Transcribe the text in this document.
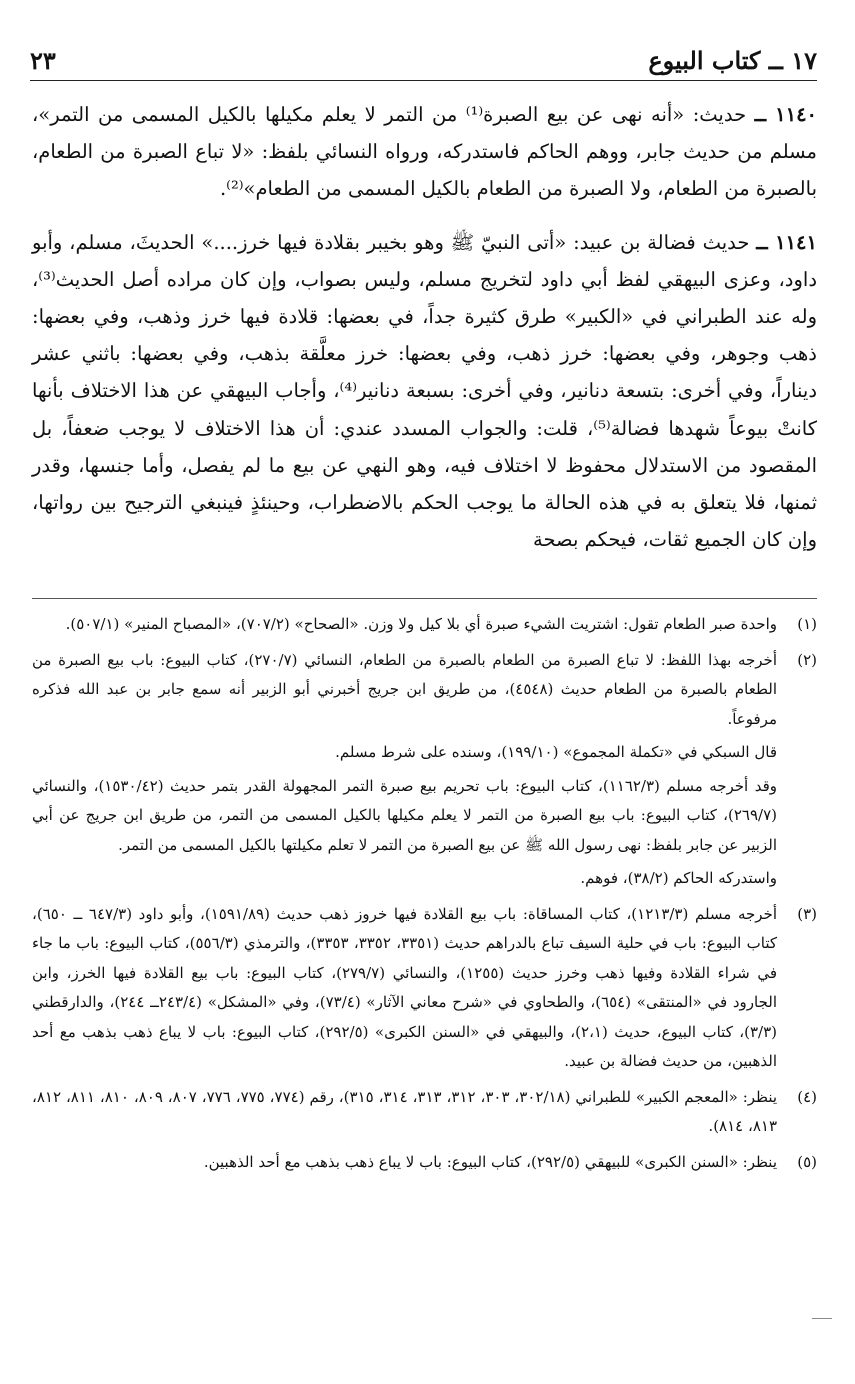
١٧ ــ كتاب البيوع
٢٣

١١٤٠ ــ حديث: «أنه نهى عن بيع الصبرة⁽¹⁾ من التمر لا يعلم مكيلها بالكيل المسمى من التمر»، مسلم من حديث جابر، ووهم الحاكم فاستدركه، ورواه النسائي بلفظ: «لا تباع الصبرة من الطعام، بالصبرة من الطعام، ولا الصبرة من الطعام بالكيل المسمى من الطعام»⁽²⁾.

١١٤١ ــ حديث فضالة بن عبيد: «أتى النبيّ ﷺ وهو بخيبر بقلادة فيها خرز....» الحديثَ، مسلم، وأبو داود، وعزى البيهقي لفظ أبي داود لتخريج مسلم، وليس بصواب، وإن كان مراده أصل الحديث⁽³⁾، وله عند الطبراني في «الكبير» طرق كثيرة جداً، في بعضها: قلادة فيها خرز وذهب، وفي بعضها: ذهب وجوهر، وفي بعضها: خرز ذهب، وفي بعضها: خرز معلَّقة بذهب، وفي بعضها: باثني عشر ديناراً، وفي أخرى: بتسعة دنانير، وفي أخرى: بسبعة دنانير⁽⁴⁾، وأجاب البيهقي عن هذا الاختلاف بأنها كانتْ بيوعاً شهدها فضالة⁽⁵⁾، قلت: والجواب المسدد عندي: أن هذا الاختلاف لا يوجب ضعفاً، بل المقصود من الاستدلال محفوظ لا اختلاف فيه، وهو النهي عن بيع ما لم يفصل، وأما جنسها، وقدر ثمنها، فلا يتعلق به في هذه الحالة ما يوجب الحكم بالاضطراب، وحينئذٍ فينبغي الترجيح بين رواتها، وإن كان الجميع ثقات، فيحكم بصحة

(١)

واحدة صبر الطعام تقول: اشتريت الشيء صبرة أي بلا كيل ولا وزن. «الصحاح» (٧٠٧/٢)، «المصباح المنير» (٥٠٧/١).

(٢)

أخرجه بهذا اللفظ: لا تباع الصبرة من الطعام بالصبرة من الطعام، النسائي (٢٧٠/٧)، كتاب البيوع: باب بيع الصبرة من الطعام بالصبرة من الطعام حديث (٤٥٤٨)، من طريق ابن جريج أخبرني أبو الزبير أنه سمع جابر بن عبد الله فذكره مرفوعاً.

قال السبكي في «تكملة المجموع» (١٩٩/١٠)، وسنده على شرط مسلم.

وقد أخرجه مسلم (١١٦٢/٣)، كتاب البيوع: باب تحريم بيع صبرة التمر المجهولة القدر بتمر حديث (١٥٣٠/٤٢)، والنسائي (٢٦٩/٧)، كتاب البيوع: باب بيع الصبرة من التمر لا يعلم مكيلها بالكيل المسمى من التمر، من طريق ابن جريج عن أبي الزبير عن جابر بلفظ: نهى رسول الله ﷺ عن بيع الصبرة من التمر لا تعلم مكيلتها بالكيل المسمى من التمر.

واستدركه الحاكم (٣٨/٢)، فوهم.

(٣)

أخرجه مسلم (١٢١٣/٣)، كتاب المساقاة: باب بيع القلادة فيها خروز ذهب حديث (١٥٩١/٨٩)، وأبو داود (٦٤٧/٣ ــ ٦٥٠)، كتاب البيوع: باب في حلية السيف تباع بالدراهم حديث (٣٣٥١، ٣٣٥٢، ٣٣٥٣)، والترمذي (٥٥٦/٣)، كتاب البيوع: باب ما جاء في شراء القلادة وفيها ذهب وخرز حديث (١٢٥٥)، والنسائي (٢٧٩/٧)، كتاب البيوع: باب بيع القلادة فيها الخرز، وابن الجارود في «المنتقى» (٦٥٤)، والطحاوي في «شرح معاني الآثار» (٧٣/٤)، وفي «المشكل» (٢٤٣/٤ــ ٢٤٤)، والدارقطني (٣/٣)، كتاب البيوع، حديث (٢،١)، والبيهقي في «السنن الكبرى» (٢٩٢/٥)، كتاب البيوع: باب لا يباع ذهب بذهب مع أحد الذهبين، من حديث فضالة بن عبيد.

(٤)

ينظر: «المعجم الكبير» للطبراني (٣٠٢/١٨، ٣٠٣، ٣١٢، ٣١٣، ٣١٤، ٣١٥)، رقم (٧٧٤، ٧٧٥، ٧٧٦، ٨٠٧، ٨٠٩، ٨١٠، ٨١١، ٨١٢، ٨١٣، ٨١٤).

(٥)

ينظر: «السنن الكبرى» للبيهقي (٢٩٢/٥)، كتاب البيوع: باب لا يباع ذهب بذهب مع أحد الذهبين.
